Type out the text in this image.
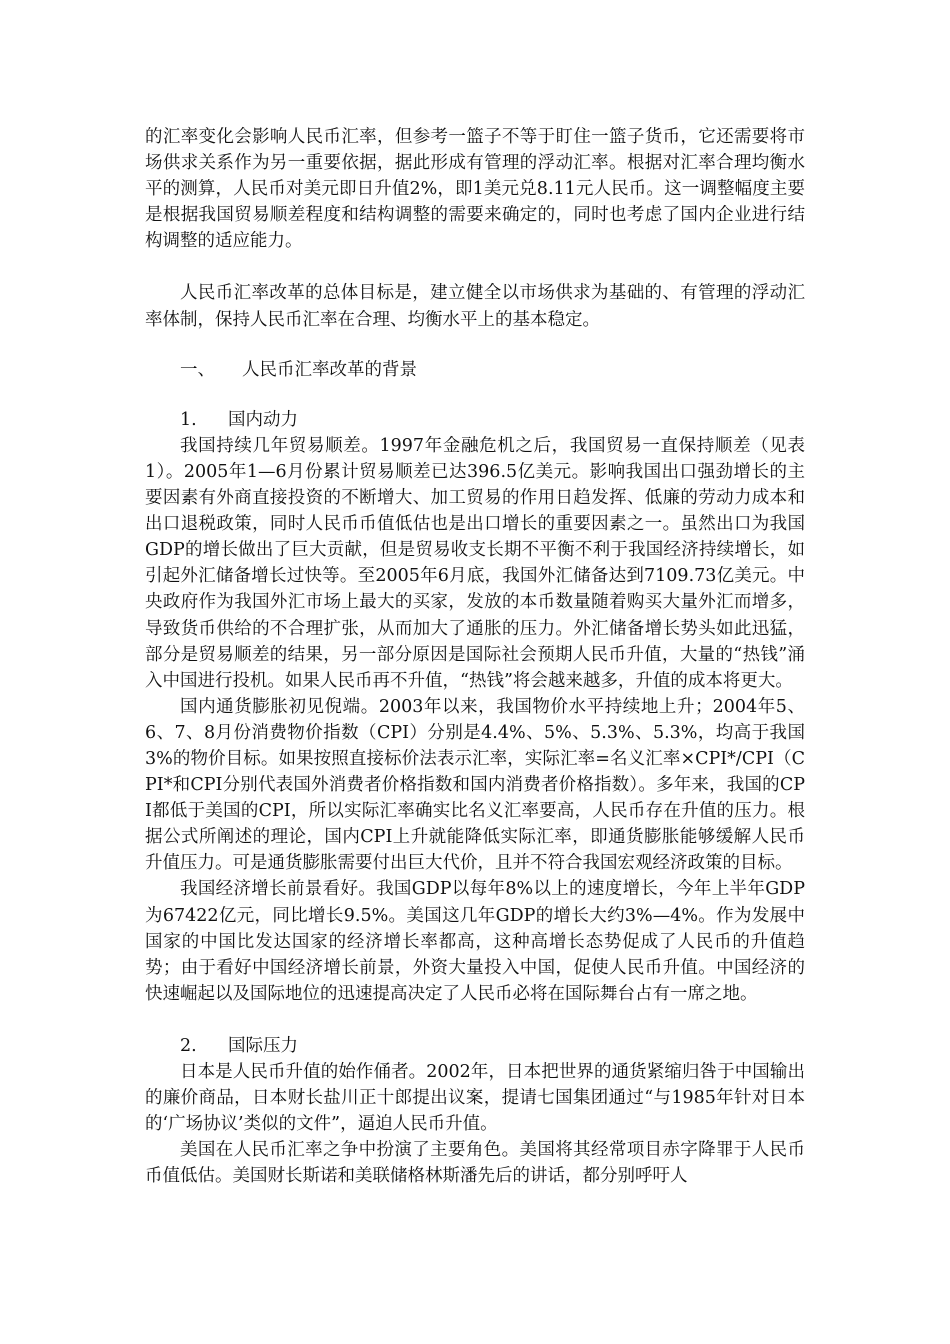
的汇率变化会影响人民币汇率，但参考一篮子不等于盯住一篮子货币，它还需要将市场供求关系作为另一重要依据，据此形成有管理的浮动汇率。根据对汇率合理均衡水平的测算，人民币对美元即日升值2%，即1美元兑8.11元人民币。这一调整幅度主要是根据我国贸易顺差程度和结构调整的需要来确定的，同时也考虑了国内企业进行结构调整的适应能力。

人民币汇率改革的总体目标是，建立健全以市场供求为基础的、有管理的浮动汇率体制，保持人民币汇率在合理、均衡水平上的基本稳定。

一、 人民币汇率改革的背景
1. 国内动力

我国持续几年贸易顺差。1997年金融危机之后，我国贸易一直保持顺差（见表1）。2005年1—6月份累计贸易顺差已达396.5亿美元。影响我国出口强劲增长的主要因素有外商直接投资的不断增大、加工贸易的作用日趋发挥、低廉的劳动力成本和出口退税政策，同时人民币币值低估也是出口增长的重要因素之一。虽然出口为我国GDP的增长做出了巨大贡献，但是贸易收支长期不平衡不利于我国经济持续增长，如引起外汇储备增长过快等。至2005年6月底，我国外汇储备达到7109.73亿美元。中央政府作为我国外汇市场上最大的买家，发放的本币数量随着购买大量外汇而增多，导致货币供给的不合理扩张，从而加大了通胀的压力。外汇储备增长势头如此迅猛，部分是贸易顺差的结果，另一部分原因是国际社会预期人民币升值，大量的“热钱”涌入中国进行投机。如果人民币再不升值，“热钱”将会越来越多，升值的成本将更大。

国内通货膨胀初见倪端。2003年以来，我国物价水平持续地上升；2004年5、6、7、8月份消费物价指数（CPI）分别是4.4%、5%、5.3%、5.3%，均高于我国3%的物价目标。如果按照直接标价法表示汇率，实际汇率=名义汇率×CPI*/CPI（CPI*和CPI分别代表国外消费者价格指数和国内消费者价格指数）。多年来，我国的CPI都低于美国的CPI，所以实际汇率确实比名义汇率要高，人民币存在升值的压力。根据公式所阐述的理论，国内CPI上升就能降低实际汇率，即通货膨胀能够缓解人民币升值压力。可是通货膨胀需要付出巨大代价，且并不符合我国宏观经济政策的目标。

我国经济增长前景看好。我国GDP以每年8%以上的速度增长，今年上半年GDP为67422亿元，同比增长9.5%。美国这几年GDP的增长大约3%—4%。作为发展中国家的中国比发达国家的经济增长率都高，这种高增长态势促成了人民币的升值趋势；由于看好中国经济增长前景，外资大量投入中国，促使人民币升值。中国经济的快速崛起以及国际地位的迅速提高决定了人民币必将在国际舞台占有一席之地。

2. 国际压力

日本是人民币升值的始作俑者。2002年，日本把世界的通货紧缩归咎于中国输出的廉价商品，日本财长盐川正十郎提出议案，提请七国集团通过“与1985年针对日本的‘广场协议’类似的文件”，逼迫人民币升值。

美国在人民币汇率之争中扮演了主要角色。美国将其经常项目赤字降罪于人民币币值低估。美国财长斯诺和美联储格林斯潘先后的讲话，都分别呼吁人
